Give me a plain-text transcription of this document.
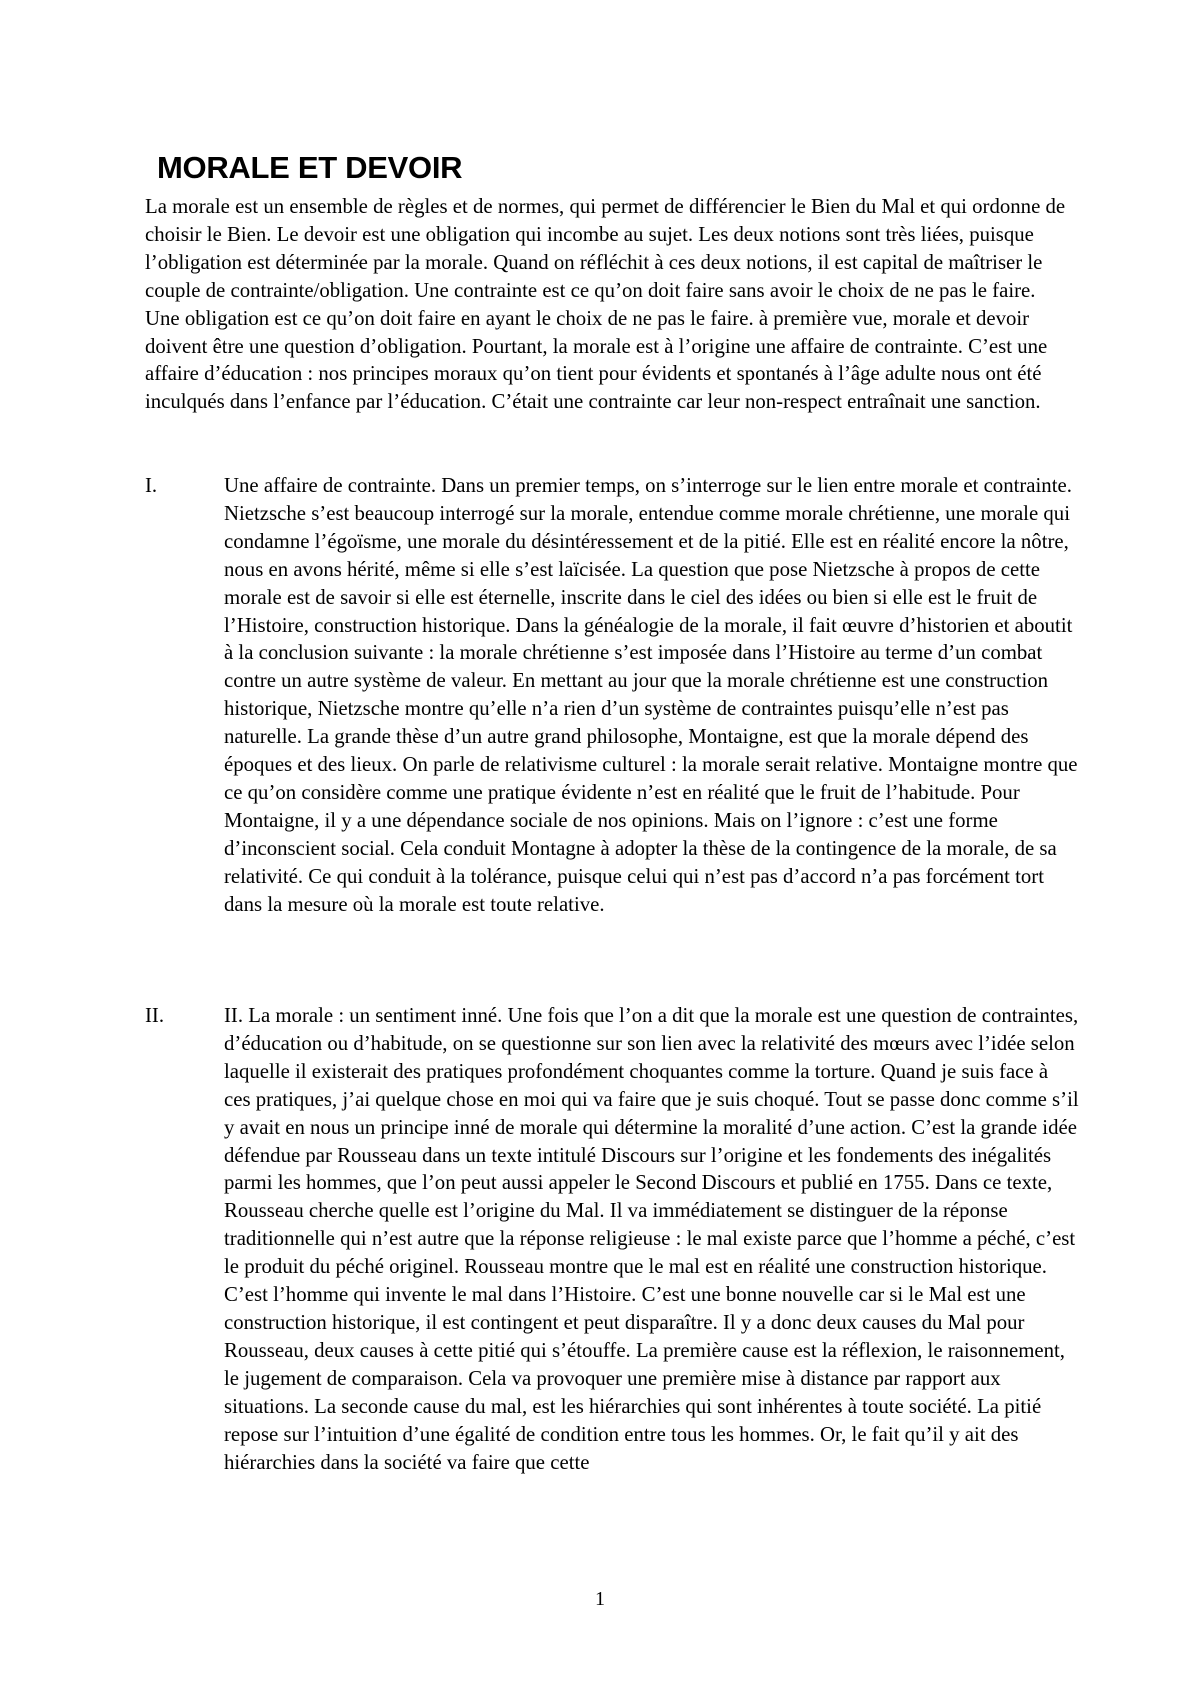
MORALE ET DEVOIR

La morale est un ensemble de règles et de normes, qui permet de différencier le Bien du Mal et qui ordonne de choisir le Bien. Le devoir est une obligation qui incombe au sujet. Les deux notions sont très liées, puisque l’obligation est déterminée par la morale. Quand on réfléchit à ces deux notions, il est capital de maîtriser le couple de contrainte/obligation. Une contrainte est ce qu’on doit faire sans avoir le choix de ne pas le faire. Une obligation est ce qu’on doit faire en ayant le choix de ne pas le faire. à première vue, morale et devoir doivent être une question d’obligation. Pourtant, la morale est à l’origine une affaire de contrainte. C’est une affaire d’éducation : nos principes moraux qu’on tient pour évidents et spontanés à l’âge adulte nous ont été inculqués dans l’enfance par l’éducation. C’était une contrainte car leur non-respect entraînait une sanction.

I.	Une affaire de contrainte. Dans un premier temps, on s’interroge sur le lien entre morale et contrainte. Nietzsche s’est beaucoup interrogé sur la morale, entendue comme morale chrétienne, une morale qui condamne l’égoïsme, une morale du désintéressement et de la pitié. Elle est en réalité encore la nôtre, nous en avons hérité, même si elle s’est laïcisée. La question que pose Nietzsche à propos de cette morale est de savoir si elle est éternelle, inscrite dans le ciel des idées ou bien si elle est le fruit de l’Histoire, construction historique. Dans la généalogie de la morale, il fait œuvre d’historien et aboutit à la conclusion suivante : la morale chrétienne s’est imposée dans l’Histoire au terme d’un combat contre un autre système de valeur. En mettant au jour que la morale chrétienne est une construction historique, Nietzsche montre qu’elle n’a rien d’un système de contraintes puisqu’elle n’est pas naturelle. La grande thèse d’un autre grand philosophe, Montaigne, est que la morale dépend des époques et des lieux. On parle de relativisme culturel : la morale serait relative. Montaigne montre que ce qu’on considère comme une pratique évidente n’est en réalité que le fruit de l’habitude. Pour Montaigne, il y a une dépendance sociale de nos opinions. Mais on l’ignore : c’est une forme d’inconscient social. Cela conduit Montagne à adopter la thèse de la contingence de la morale, de sa relativité. Ce qui conduit à la tolérance, puisque celui qui n’est pas d’accord n’a pas forcément tort dans la mesure où la morale est toute relative.

II.	II. La morale : un sentiment inné. Une fois que l’on a dit que la morale est une question de contraintes, d’éducation ou d’habitude, on se questionne sur son lien avec la relativité des mœurs avec l’idée selon laquelle il existerait des pratiques profondément choquantes comme la torture. Quand je suis face à ces pratiques, j’ai quelque chose en moi qui va faire que je suis choqué. Tout se passe donc comme s’il y avait en nous un principe inné de morale qui détermine la moralité d’une action. C’est la grande idée défendue par Rousseau dans un texte intitulé Discours sur l’origine et les fondements des inégalités parmi les hommes, que l’on peut aussi appeler le Second Discours et publié en 1755. Dans ce texte, Rousseau cherche quelle est l’origine du Mal. Il va immédiatement se distinguer de la réponse traditionnelle qui n’est autre que la réponse religieuse : le mal existe parce que l’homme a péché, c’est le produit du péché originel. Rousseau montre que le mal est en réalité une construction historique. C’est l’homme qui invente le mal dans l’Histoire. C’est une bonne nouvelle car si le Mal est une construction historique, il est contingent et peut disparaître. Il y a donc deux causes du Mal pour Rousseau, deux causes à cette pitié qui s’étouffe. La première cause est la réflexion, le raisonnement, le jugement de comparaison. Cela va provoquer une première mise à distance par rapport aux situations. La seconde cause du mal, est les hiérarchies qui sont inhérentes à toute société. La pitié repose sur l’intuition d’une égalité de condition entre tous les hommes. Or, le fait qu’il y ait des hiérarchies dans la société va faire que cette

1
